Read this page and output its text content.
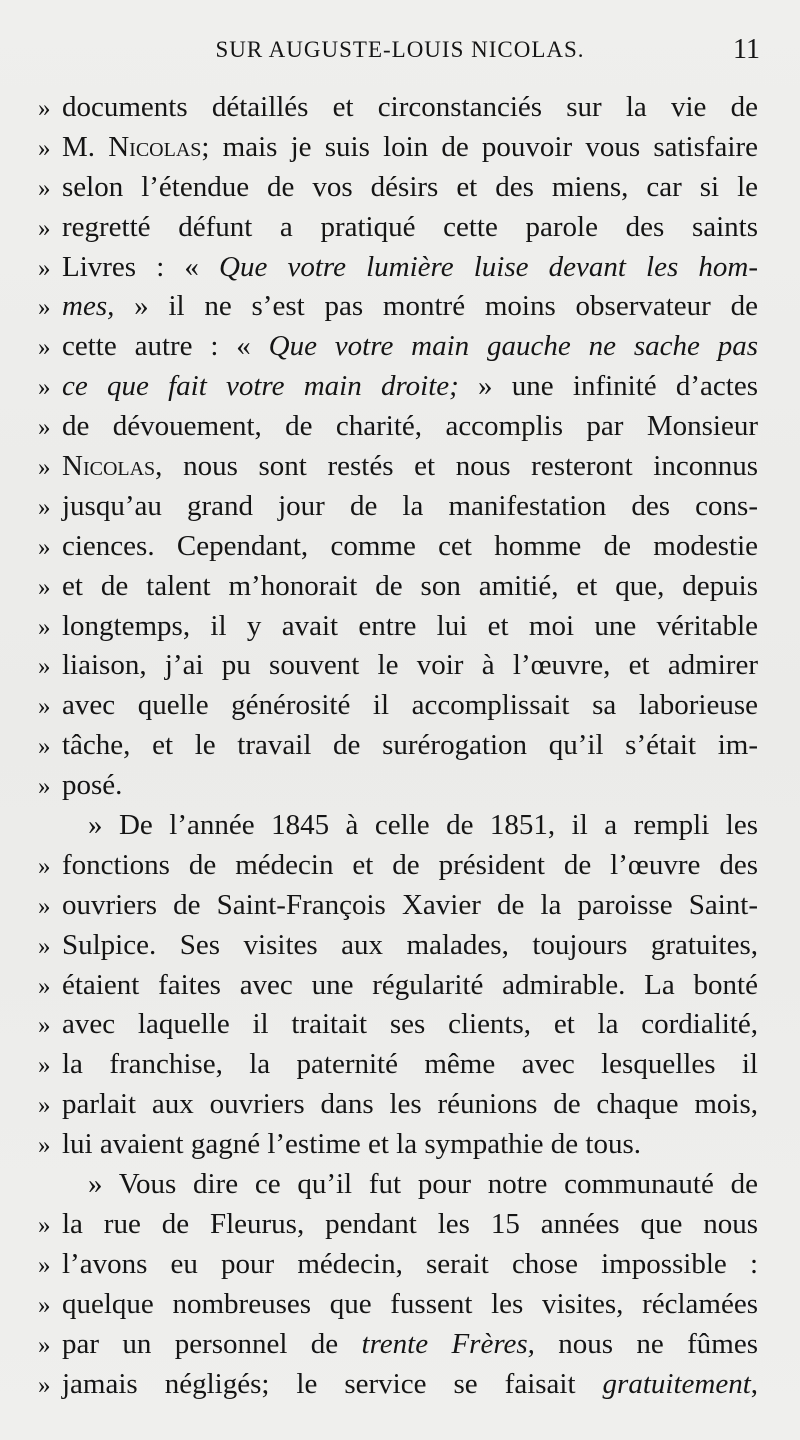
SUR AUGUSTE-LOUIS NICOLAS.	11
» documents détaillés et circonstanciés sur la vie de
» M. Nicolas; mais je suis loin de pouvoir vous satisfaire
» selon l’étendue de vos désirs et des miens, car si le
» regretté défunt a pratiqué cette parole des saints
» Livres : « Que votre lumière luise devant les hom-
» mes, » il ne s’est pas montré moins observateur de
» cette autre : « Que votre main gauche ne sache pas
» ce que fait votre main droite; » une infinité d’actes
» de dévouement, de charité, accomplis par Monsieur
» Nicolas, nous sont restés et nous resteront inconnus
» jusqu’au grand jour de la manifestation des cons-
» ciences. Cependant, comme cet homme de modestie
» et de talent m’honorait de son amitié, et que, depuis
» longtemps, il y avait entre lui et moi une véritable
» liaison, j’ai pu souvent le voir à l’œuvre, et admirer
» avec quelle générosité il accomplissait sa laborieuse
» tâche, et le travail de surérogation qu’il s’était im-
» posé.
» De l’année 1845 à celle de 1851, il a rempli les
» fonctions de médecin et de président de l’œuvre des
» ouvriers de Saint-François Xavier de la paroisse Saint-
» Sulpice. Ses visites aux malades, toujours gratuites,
» étaient faites avec une régularité admirable. La bonté
» avec laquelle il traitait ses clients, et la cordialité,
» la franchise, la paternité même avec lesquelles il
» parlait aux ouvriers dans les réunions de chaque mois,
» lui avaient gagné l’estime et la sympathie de tous.
» Vous dire ce qu’il fut pour notre communauté de
» la rue de Fleurus, pendant les 15 années que nous
» l’avons eu pour médecin, serait chose impossible :
» quelque nombreuses que fussent les visites, réclamées
» par un personnel de trente Frères, nous ne fûmes
» jamais négligés; le service se faisait gratuitement,
